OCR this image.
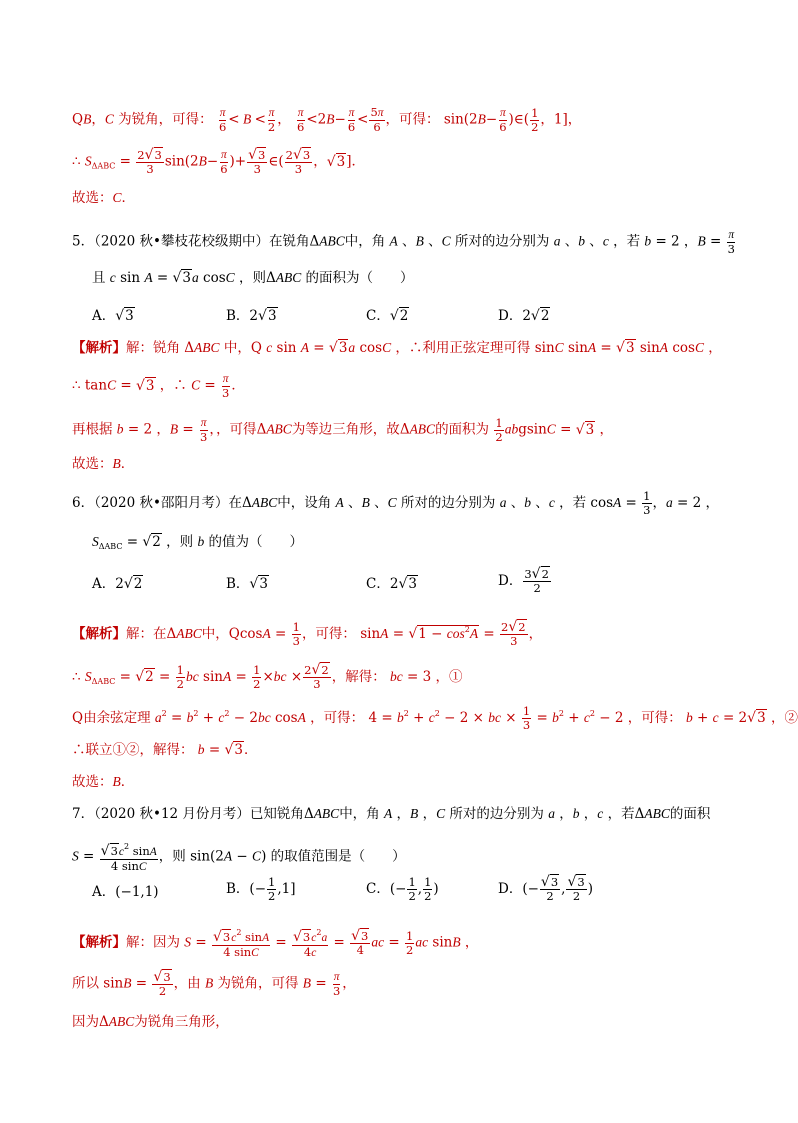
QB，C 为锐角，可得： $\frac{\pi}{6} < B < \frac{\pi}{2}$ ， $\frac{\pi}{6} <2B- \frac{\pi}{6} < \frac{5\pi}{6}$ ，可得： $\sin(2B- \frac{\pi}{6}$ )∈( $\frac{1}{2}$ ，1]，
∴ $S_{\Delta ABC} = \frac{2√3}{3} \sin(2B- \frac{\pi}{6}$ )+ $\frac{√3}{3}$ ∈( $\frac{2√3}{3}$ ，√3]．
故选：C．
5．（2020 秋•攀枝花校级期中）在锐角ΔABC中，角 A 、B 、C 所对的边分别为 a 、b 、c ，若 b = 2 ，$B = \frac{\pi}{3}$
且 c sin A = √3a cosC ，则ΔABC 的面积为（　　）
A．√3	B．2√3	C．√2	D．2√2
【解析】解：锐角 ΔABC 中，Q c sin A = √3a cosC ，∴利用正弦定理可得 sinC sinA = √3 sinA cosC ，
∴ tanC = √3 ，∴ $C = \frac{\pi}{3}$ ．
再根据 b = 2 ，$B = \frac{\pi}{3}$ ，，可得ΔABC为等边三角形，故ΔABC的面积为 $\frac{1}{2}$ abgsinC = √3 ，
故选：B．
6．（2020 秋•邵阳月考）在ΔABC中，设角 A 、B 、C 所对的边分别为 a 、b 、c ，若 $\cos A = \frac{1}{3}$ ，a = 2 ，
$S_{\Delta ABC} = √2$ ，则 b 的值为（　　）
A．2√2	B．√3	C．2√3	D． $\frac{3√2}{2}$
【解析】解：在ΔABC中，$QcosA = \frac{1}{3}$ ，可得： $\sin A = √1 - \cos^2A = \frac{2√2}{3}$ ，
∴ $S_{\Delta ABC} = √2 = \frac{1}{2}$ bc $\sin A = \frac{1}{2} \times bc \times \frac{2√2}{3}$ ，解得： bc = 3 ，①
Q由余弦定理 $a^2 = b^2 + c^2 - 2bc$ cosA ，可得： $4 = b^2 + c^2 - 2$ × bc × $\frac{1}{3} = b^2 + c^2 - 2$ ，可得： b + c = 2√3 ，②
∴联立①②，解得： b = √3．
故选：B．
7．（2020 秋•12 月份月考）已知锐角ΔABC中，角 A ，B ，C 所对的边分别为 a ，b ，c ，若ΔABC的面积
$S = \frac{√3c^2 \sin A}{4 \sin C}$ ，则 sin(2A − C) 的取值范围是（　　）
A．(−1,1)	B．(− $\frac{1}{2} ,1$]	C．(− $\frac{1}{2}$ , $\frac{1}{2}$ )	D．(− $\frac{√3}{2}$ , $\frac{√3}{2}$ )
【解析】解：因为 $S = \frac{√3c^2 \sin A}{4 \sin C} = \frac{√3c^2a}{4c} = \frac{√3}{4}$ ac = $\frac{1}{2}$ ac sinB ，
所以 $\sin B = \frac{√3}{2}$ ，由 B 为锐角，可得 $B = \frac{\pi}{3}$ ，
因为ΔABC为锐角三角形，
